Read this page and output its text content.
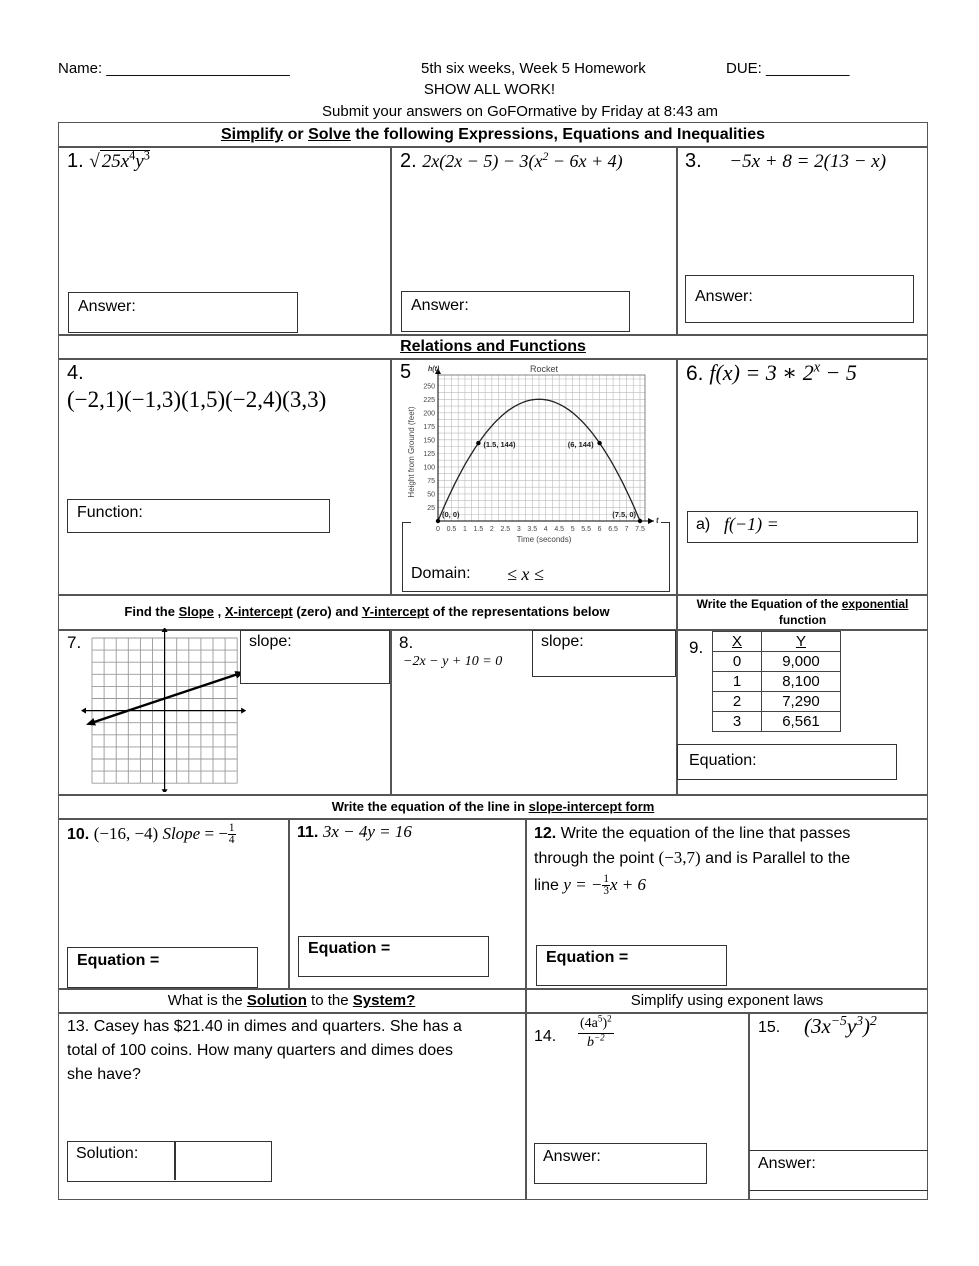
Name: ______________________	5th six weeks, Week 5 Homework	DUE: __________
SHOW ALL WORK!
Submit your answers on GoFOrmative by Friday at 8:43 am
Simplify or Solve the following Expressions, Equations and Inequalities
1. √ $25x^4y^3$
Answer:
2. $2x(2x - 5) - 3(x^2 - 6x + 4)$
Answer:
3. −5x + 8 = 2(13 − x)
Answer:
Relations and Functions
4.
(−2,1)(−1,3)(1,5)(−2,4)(3,3)
Function:
5	Rocket
h(t)
t
Time (seconds)
Height from Ground (feet)
0 0.5 1 1.5 2 2.5 3 3.5 4 4.5 5 5.5 6 6.5 7 7.5
25
50
75
100
125
150
175
200
225
250
(0, 0)
(1.5, 144)	(6, 144)
(7.5, 0)
Domain: ≤ x ≤
6. f(x) = 3 ∗ $2^x - 5$
a) f(−1) =
Find the Slope , X-intercept (zero) and Y-intercept of the representations below	Write the Equation of the exponential
function
7.	slope:	8.
−2x − y + 10 = 0
slope:	9. X	Y
0	9,000
1	8,100
2	7,290
3	6,561
Equation:
Write the equation of the line in slope-intercept form
10. (−16, −4) Slope = − $\frac{1}{4}$
Equation =
11. 3x − 4y = 16
Equation =
12. Write the equation of the line that passes
through the point (−3,7) and is Parallel to the
line y = − $\frac{1}{3}$ x + 6
Equation =
What is the Solution to the System?	Simplify using exponent laws
13. Casey has $21.40 in dimes and quarters. She has a
total of 100 coins. How many quarters and dimes does
she have?
Solution:
14.
$(4a^5)^2$
$b^{-2}$
Answer:
15. $(3x^{-5}y^3)^2$
Answer:
